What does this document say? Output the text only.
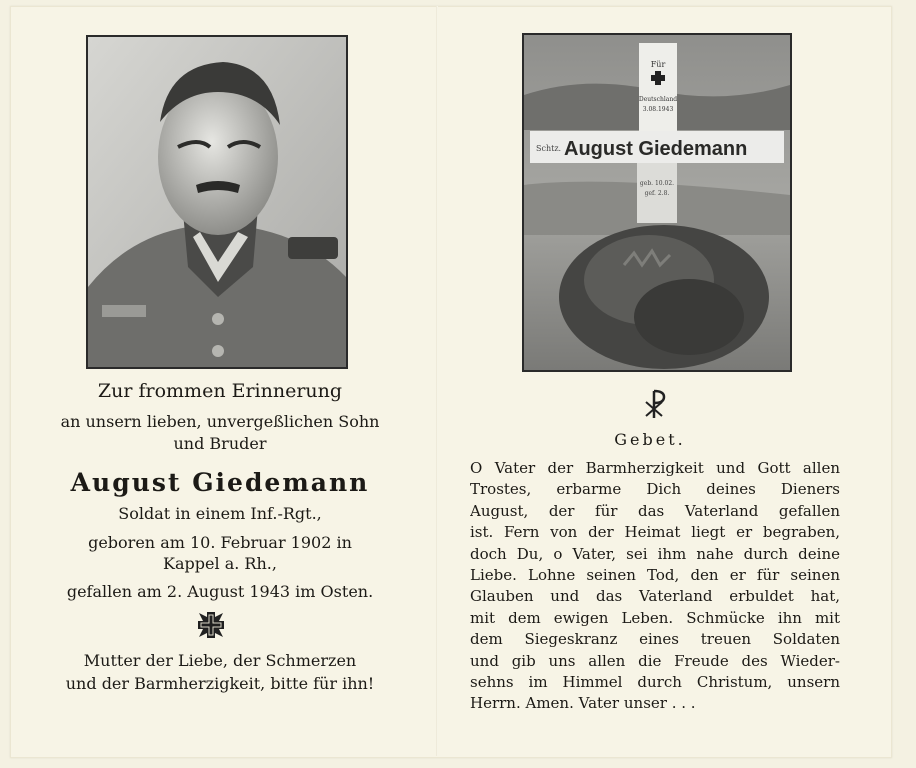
Für
Deutschland
3.08.1943
Schtz. August Giedemann
geb. 10.02.
gef. 2.8.
Zur frommen Erinnerung
an unsern lieben, unvergeßlichen Sohn
und Bruder
August Giedemann
Soldat in einem Inf.-Rgt.,
geboren am 10. Februar 1902 in
Kappel a. Rh.,
gefallen am 2. August 1943 im Osten.
Mutter der Liebe, der Schmerzen
und der Barmherzigkeit, bitte für ihn!
Gebet.
O Vater der Barmherzigkeit und Gott allen
Trostes, erbarme Dich deines Dieners
August, der für das Vaterland gefallen
ist. Fern von der Heimat liegt er begraben,
doch Du, o Vater, sei ihm nahe durch deine
Liebe. Lohne seinen Tod, den er für seinen
Glauben und das Vaterland erbuldet hat,
mit dem ewigen Leben. Schmücke ihn mit
dem Siegeskranz eines treuen Soldaten
und gib uns allen die Freude des Wieder-
sehns im Himmel durch Christum, unsern
Herrn. Amen. Vater unser . . .
